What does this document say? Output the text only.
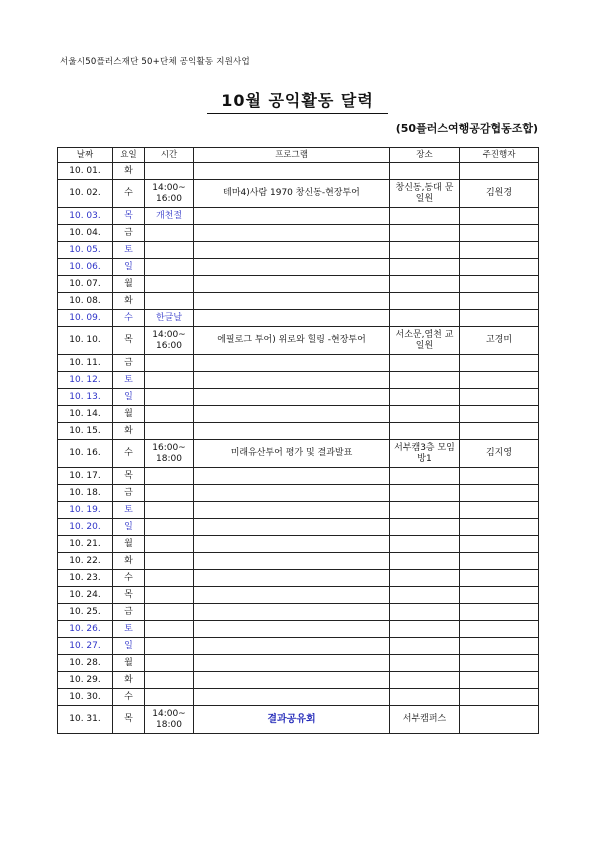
서울시50플러스재단 50+단체 공익활동 지원사업
10월 공익활동 달력
(50플러스여행공감협동조합)
날짜	요일	시간	프로그램	장소	주진행자
10. 01.	화				
10. 02.	수	14:00~ 16:00	테마4)사람 1970 창신동-현장투어	창신동,동대 문 일원	김원경
10. 03.	목	개천절			
10. 04.	금				
10. 05.	토				
10. 06.	일				
10. 07.	월				
10. 08.	화				
10. 09.	수	한글날			
10. 10.	목	14:00~ 16:00	에필로그 투어) 위로와 힐링 -현장투어	서소문,염천 교 일원	고경미
10. 11.	금				
10. 12.	토				
10. 13.	일				
10. 14.	월				
10. 15.	화				
10. 16.	수	16:00~ 18:00	미래유산투어 평가 및 결과발표	서부캠3층 모임방1	김지영
10. 17.	목				
10. 18.	금				
10. 19.	토				
10. 20.	일				
10. 21.	월				
10. 22.	화				
10. 23.	수				
10. 24.	목				
10. 25.	금				
10. 26.	토				
10. 27.	일				
10. 28.	월				
10. 29.	화				
10. 30.	수				
10. 31.	목	14:00~ 18:00	결과공유회	서부캠퍼스	
